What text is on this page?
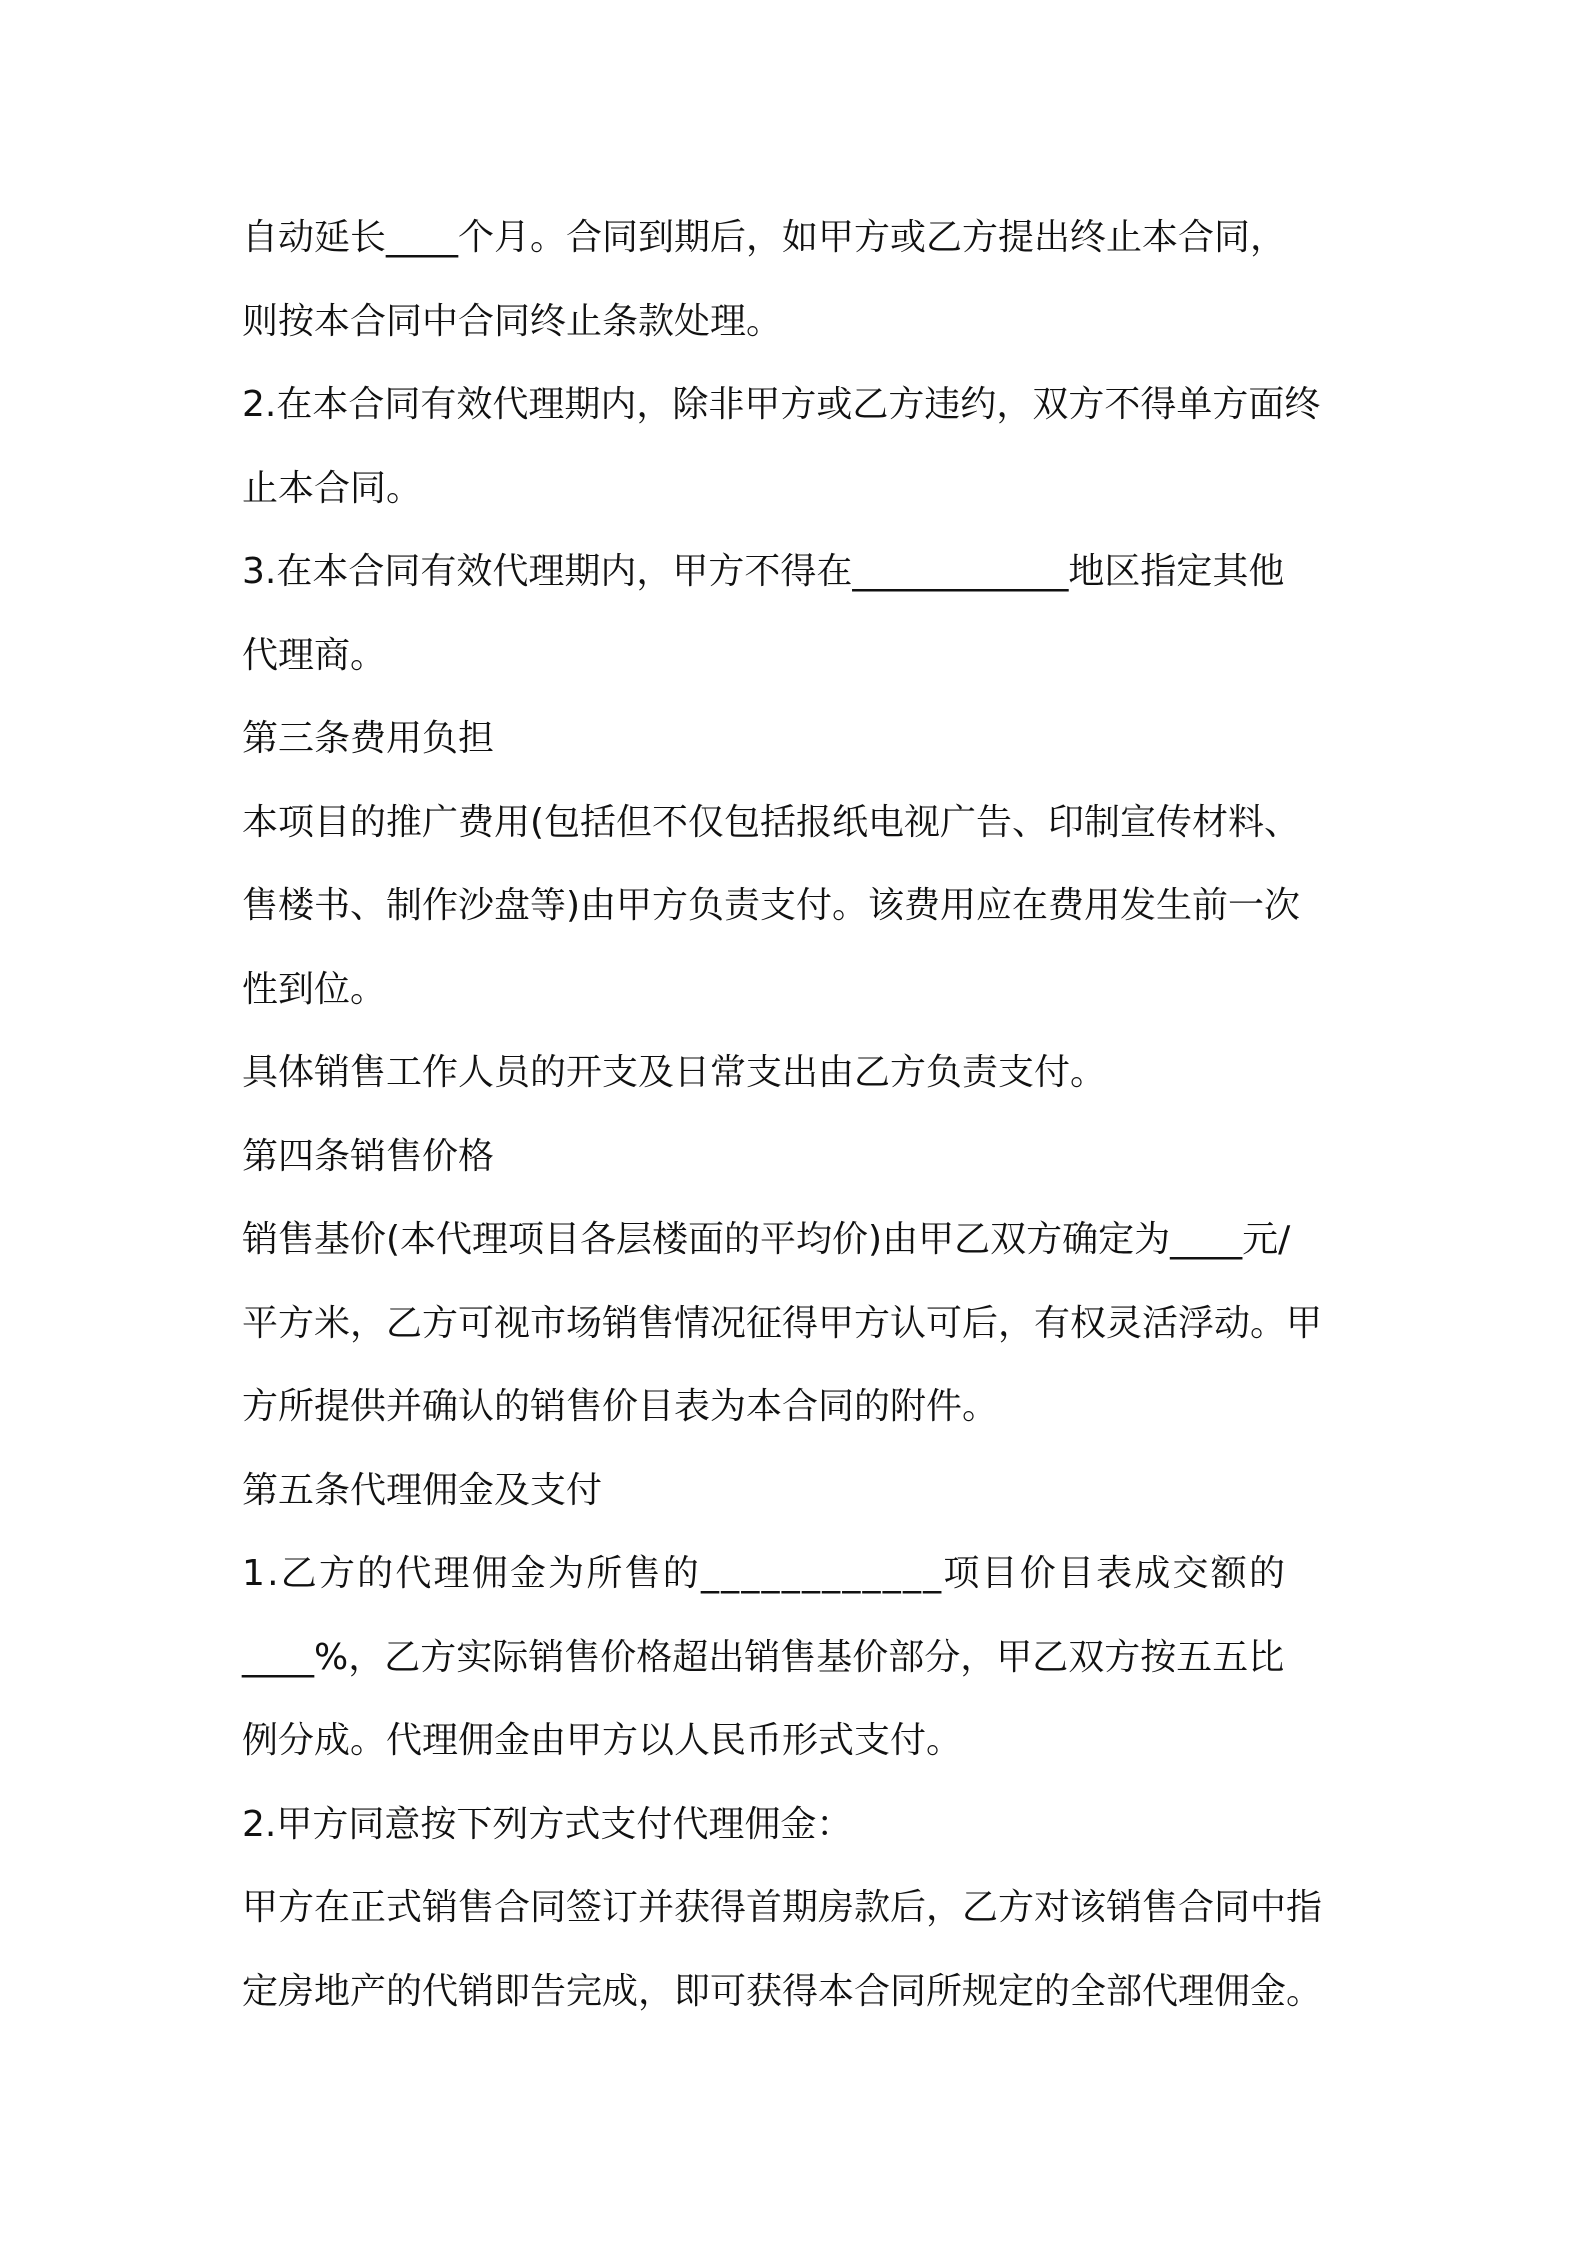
自动延长____个月。合同到期后，如甲方或乙方提出终止本合同，
则按本合同中合同终止条款处理。

2.在本合同有效代理期内，除非甲方或乙方违约，双方不得单方面终
止本合同。

3.在本合同有效代理期内，甲方不得在____________地区指定其他
代理商。

第三条费用负担

本项目的推广费用(包括但不仅包括报纸电视广告、印制宣传材料、
售楼书、制作沙盘等)由甲方负责支付。该费用应在费用发生前一次
性到位。

具体销售工作人员的开支及日常支出由乙方负责支付。

第四条销售价格

销售基价(本代理项目各层楼面的平均价)由甲乙双方确定为____元/
平方米，乙方可视市场销售情况征得甲方认可后，有权灵活浮动。甲
方所提供并确认的销售价目表为本合同的附件。

第五条代理佣金及支付

1.乙方的代理佣金为所售的____________项目价目表成交额的
____%，乙方实际销售价格超出销售基价部分，甲乙双方按五五比
例分成。代理佣金由甲方以人民币形式支付。

2.甲方同意按下列方式支付代理佣金：

甲方在正式销售合同签订并获得首期房款后，乙方对该销售合同中指
定房地产的代销即告完成，即可获得本合同所规定的全部代理佣金。
